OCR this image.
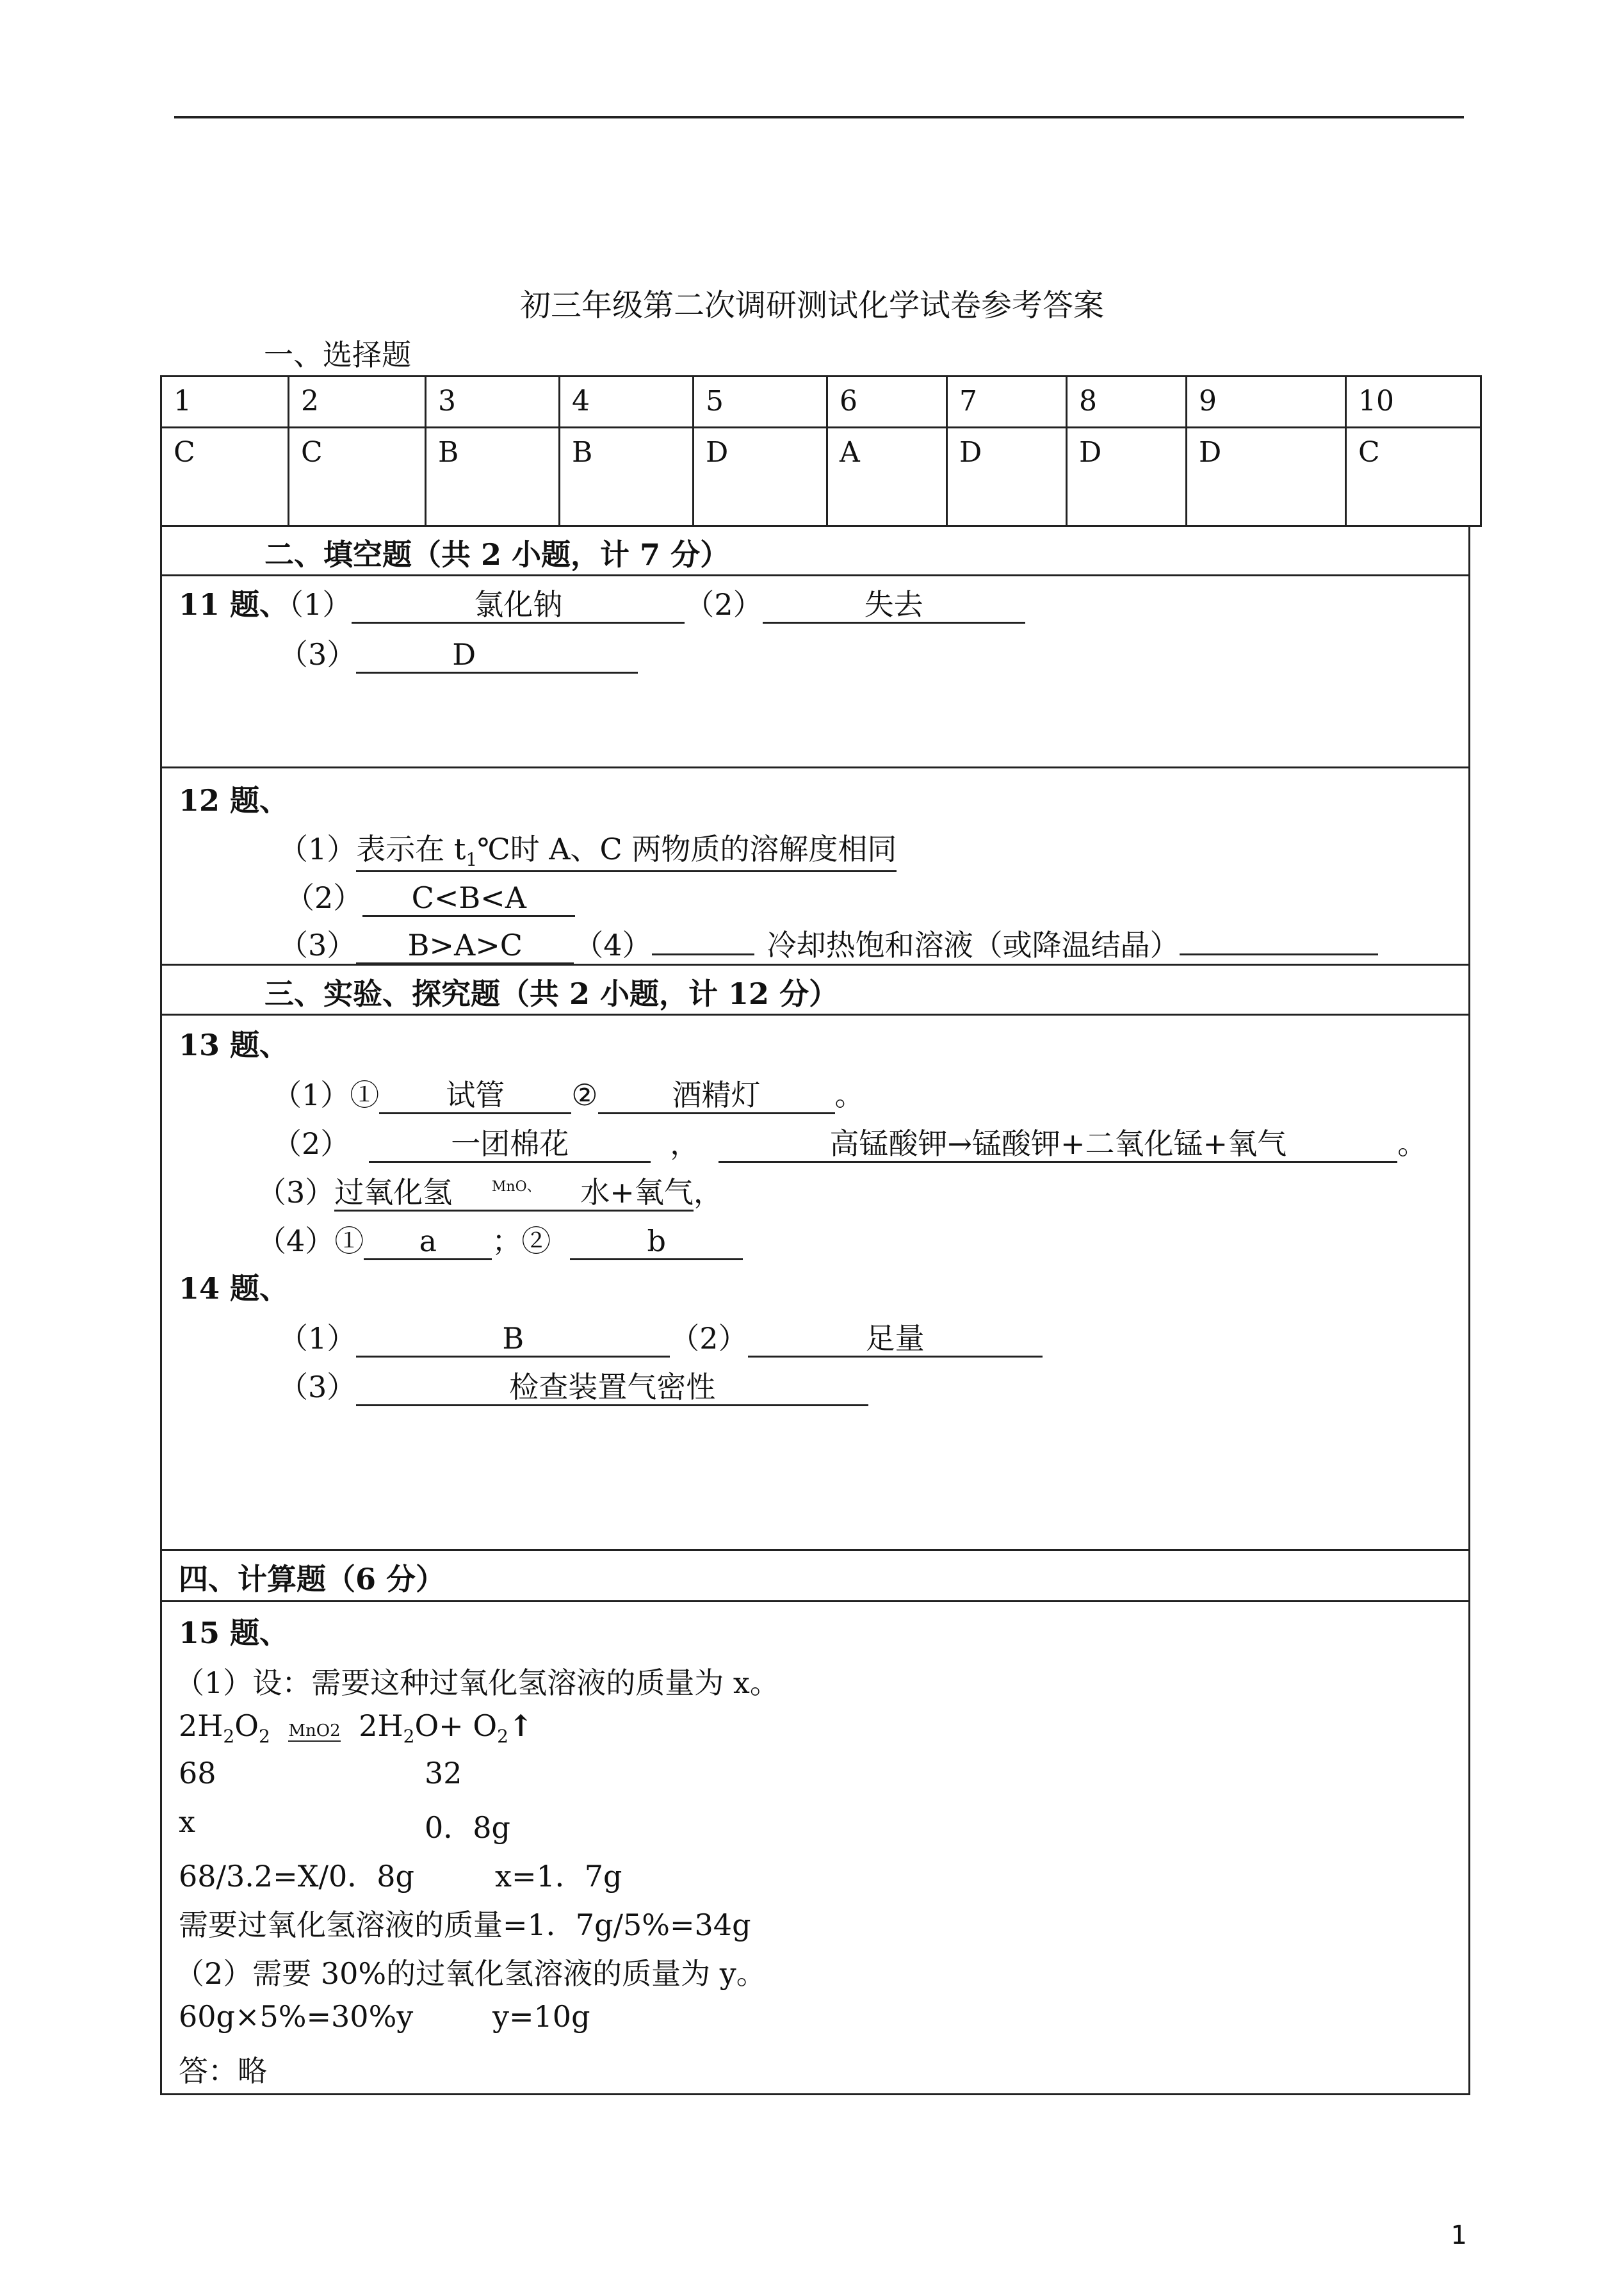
初三年级第二次调研测试化学试卷参考答案
一、选择题
1	2	3	4	5	6	7	8	9	10
C	C	B	B	D	A	D	D	D	C
二、填空题（共 2 小题，计 7 分）
11 题、（1）	氯化钠	（2）	失去
（3）	D
12 题、
（1）表示在 $t_1℃$时 A、C 两物质的溶解度相同
（2） C<B<A
（3） B>A>C （4）	冷却热饱和溶液（或降温结晶）
三、实验、探究题（共 2 小题，计 12 分）
13 题、
（1）① 试管 ②	酒精灯	。
（2）	一团棉花	，	高锰酸钾→锰酸钾+二氧化锰+氧气	。
（3）过氧化氢	$^{MnO、}$ 水+氧气，
（4）① a ；②	b
14 题、
（1）	B	（2）	足量
（3）	检查装置气密性
四、计算题（6 分）
15 题、
（1）设：需要这种过氧化氢溶液的质量为 x。
$2H_2O_2$ MnO2 $2H_2O+$ $O_2↑$
68	32
x	0．8g
68/3.2=X/0．8g	x=1．7g
需要过氧化氢溶液的质量=1．7g/5%=34g
（2）需要 30%的过氧化氢溶液的质量为 y。
60g×5%=30%y	y=10g
答：略
1
